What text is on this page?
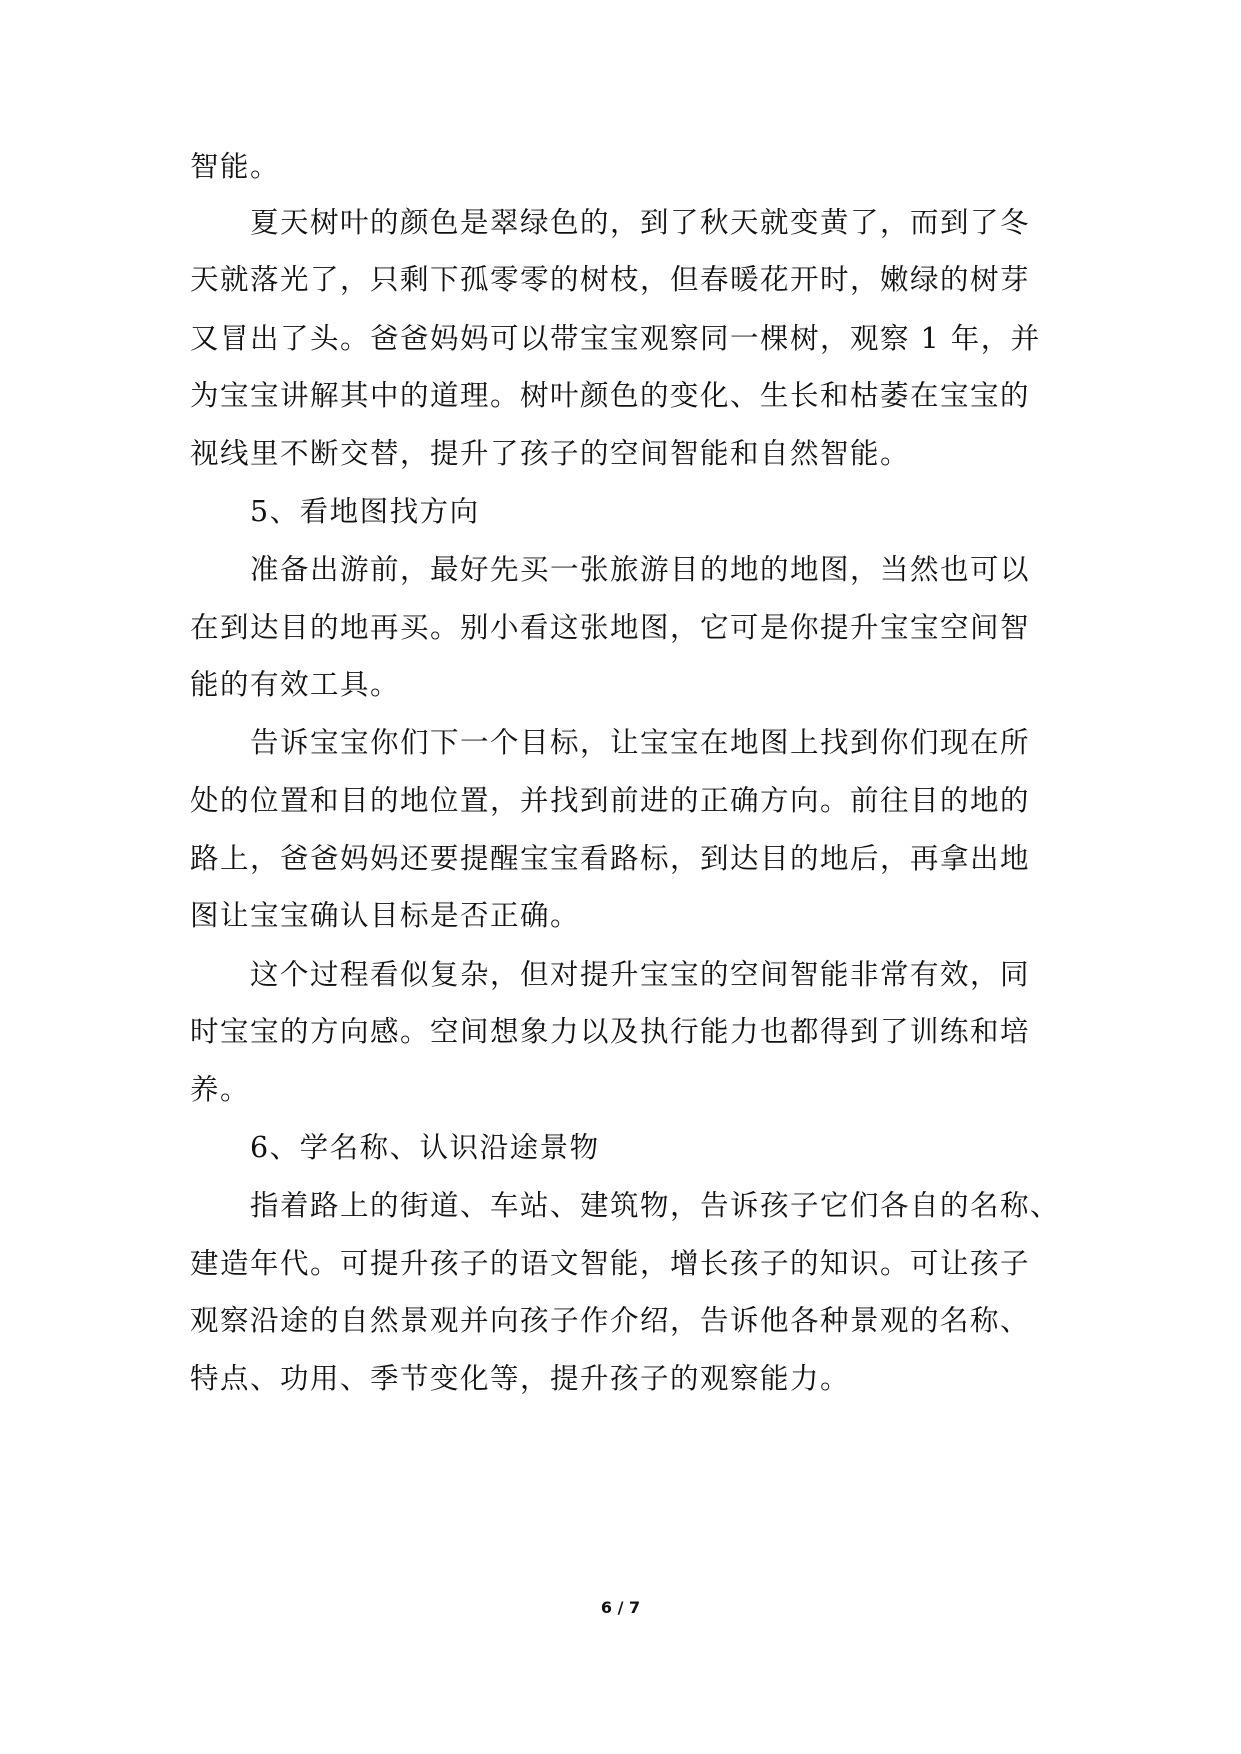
智能。
夏天树叶的颜色是翠绿色的，到了秋天就变黄了，而到了冬
天就落光了，只剩下孤零零的树枝，但春暖花开时，嫩绿的树芽
又冒出了头。爸爸妈妈可以带宝宝观察同一棵树，观察 1 年，并
为宝宝讲解其中的道理。树叶颜色的变化、生长和枯萎在宝宝的
视线里不断交替，提升了孩子的空间智能和自然智能。
5、看地图找方向
准备出游前，最好先买一张旅游目的地的地图，当然也可以
在到达目的地再买。别小看这张地图，它可是你提升宝宝空间智
能的有效工具。
告诉宝宝你们下一个目标，让宝宝在地图上找到你们现在所
处的位置和目的地位置，并找到前进的正确方向。前往目的地的
路上，爸爸妈妈还要提醒宝宝看路标，到达目的地后，再拿出地
图让宝宝确认目标是否正确。
这个过程看似复杂，但对提升宝宝的空间智能非常有效，同
时宝宝的方向感。空间想象力以及执行能力也都得到了训练和培
养。
6、学名称、认识沿途景物
指着路上的街道、车站、建筑物，告诉孩子它们各自的名称、
建造年代。可提升孩子的语文智能，增长孩子的知识。可让孩子
观察沿途的自然景观并向孩子作介绍，告诉他各种景观的名称、
特点、功用、季节变化等，提升孩子的观察能力。
6 / 7
